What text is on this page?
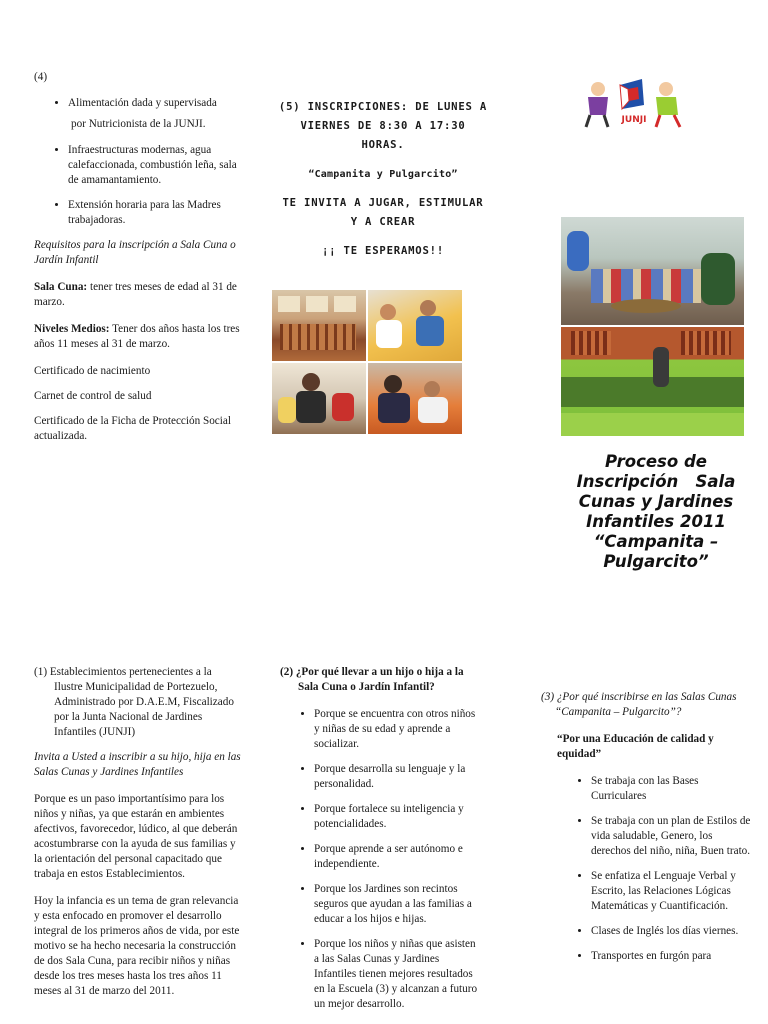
(4)

• Alimentación dada y supervisada

por Nutricionista de la JUNJI.

• Infraestructuras modernas, agua calefaccionada, combustión leña, sala de amamantamiento.
• Extensión horaria para las Madres trabajadoras.

Requisitos para la inscripción a Sala Cuna o Jardín Infantil

Sala Cuna: tener tres meses de edad al 31 de marzo.

Niveles Medios: Tener dos años hasta los tres años 11 meses al 31 de marzo.

Certificado de nacimiento

Carnet de control de salud

Certificado de la Ficha de Protección Social actualizada.

(5) INSCRIPCIONES: DE LUNES A
VIERNES DE 8:30 A 17:30
HORAS.
“Campanita y Pulgarcito”
TE INVITA A JUGAR, ESTIMULAR
Y A CREAR
¡¡ TE ESPERAMOS!!
JUNJI
Proceso de
Inscripción   Sala
Cunas y Jardines
Infantiles 2011
“Campanita –
Pulgarcito”

(1) Establecimientos pertenecientes a la Ilustre Municipalidad de Portezuelo, Administrado por D.A.E.M, Fiscalizado por la Junta Nacional de Jardines Infantiles (JUNJI)

Invita a Usted a inscribir a su hijo, hija en las Salas Cunas y Jardines Infantiles

Porque es un paso importantísimo para los niños y niñas, ya que estarán en ambientes afectivos, favorecedor, lúdico, al que deberán acostumbrarse con la ayuda de sus familias y la orientación del personal capacitado que trabaja en estos Establecimientos.

Hoy la infancia es un tema de gran relevancia y esta enfocado en promover el desarrollo integral de los primeros años de vida, por este motivo se ha hecho necesaria la construcción de dos Sala Cuna, para recibir niños y niñas desde los tres meses hasta los tres años 11 meses al 31 de marzo del 2011.

(2) ¿Por qué llevar a un hijo o hija a la Sala Cuna o Jardín Infantil?

• Porque se encuentra con otros niños y niñas de su edad y aprende a socializar.
• Porque desarrolla su lenguaje y la personalidad.
• Porque fortalece su inteligencia y potencialidades.
• Porque aprende a ser autónomo e independiente.
• Porque los Jardines son recintos seguros que ayudan a las familias a educar a los hijos e hijas.
• Porque los niños y niñas que asisten a las Salas Cunas y Jardines Infantiles tienen mejores resultados en la Escuela (3) y alcanzan a futuro un mejor desarrollo.

(3) ¿Por qué inscribirse en las Salas Cunas “Campanita – Pulgarcito”?

“Por una Educación de calidad y equidad”

• Se trabaja con las Bases Curriculares
• Se trabaja con un plan de Estilos de vida saludable, Genero, los derechos del niño, niña, Buen trato.
• Se enfatiza el Lenguaje Verbal y Escrito, las Relaciones Lógicas Matemáticas y Cuantificación.
• Clases de Inglés los días viernes.
• Transportes en furgón para
